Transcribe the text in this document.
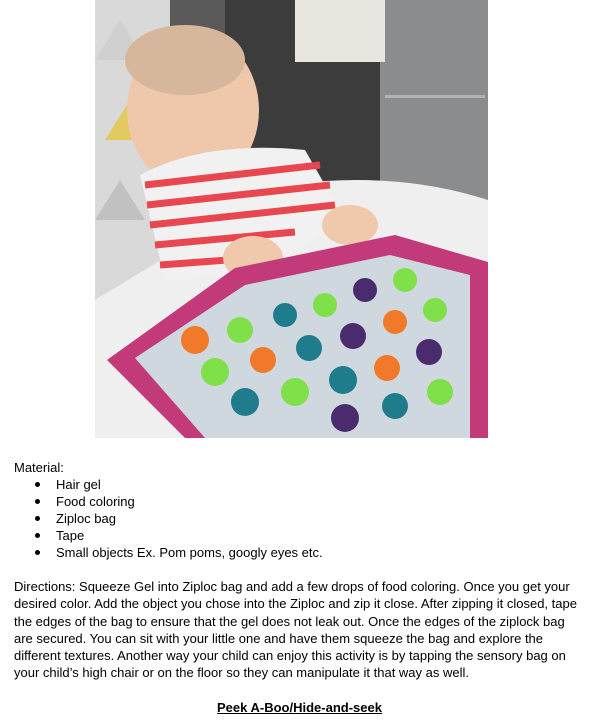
Material:
Hair gel
Food coloring
Ziploc bag
Tape
Small objects Ex. Pom poms, googly eyes etc.

Directions: Squeeze Gel into Ziploc bag and add a few drops of food coloring. Once you get your desired color. Add the object you chose into the Ziploc and zip it close. After zipping it closed, tape the edges of the bag to ensure that the gel does not leak out. Once the edges of the ziplock bag are secured. You can sit with your little one and have them squeeze the bag and explore the different textures. Another way your child can enjoy this activity is by tapping the sensory bag on your child’s high chair or on the floor so they can manipulate it that way as well.

Peek A-Boo/Hide-and-seek
